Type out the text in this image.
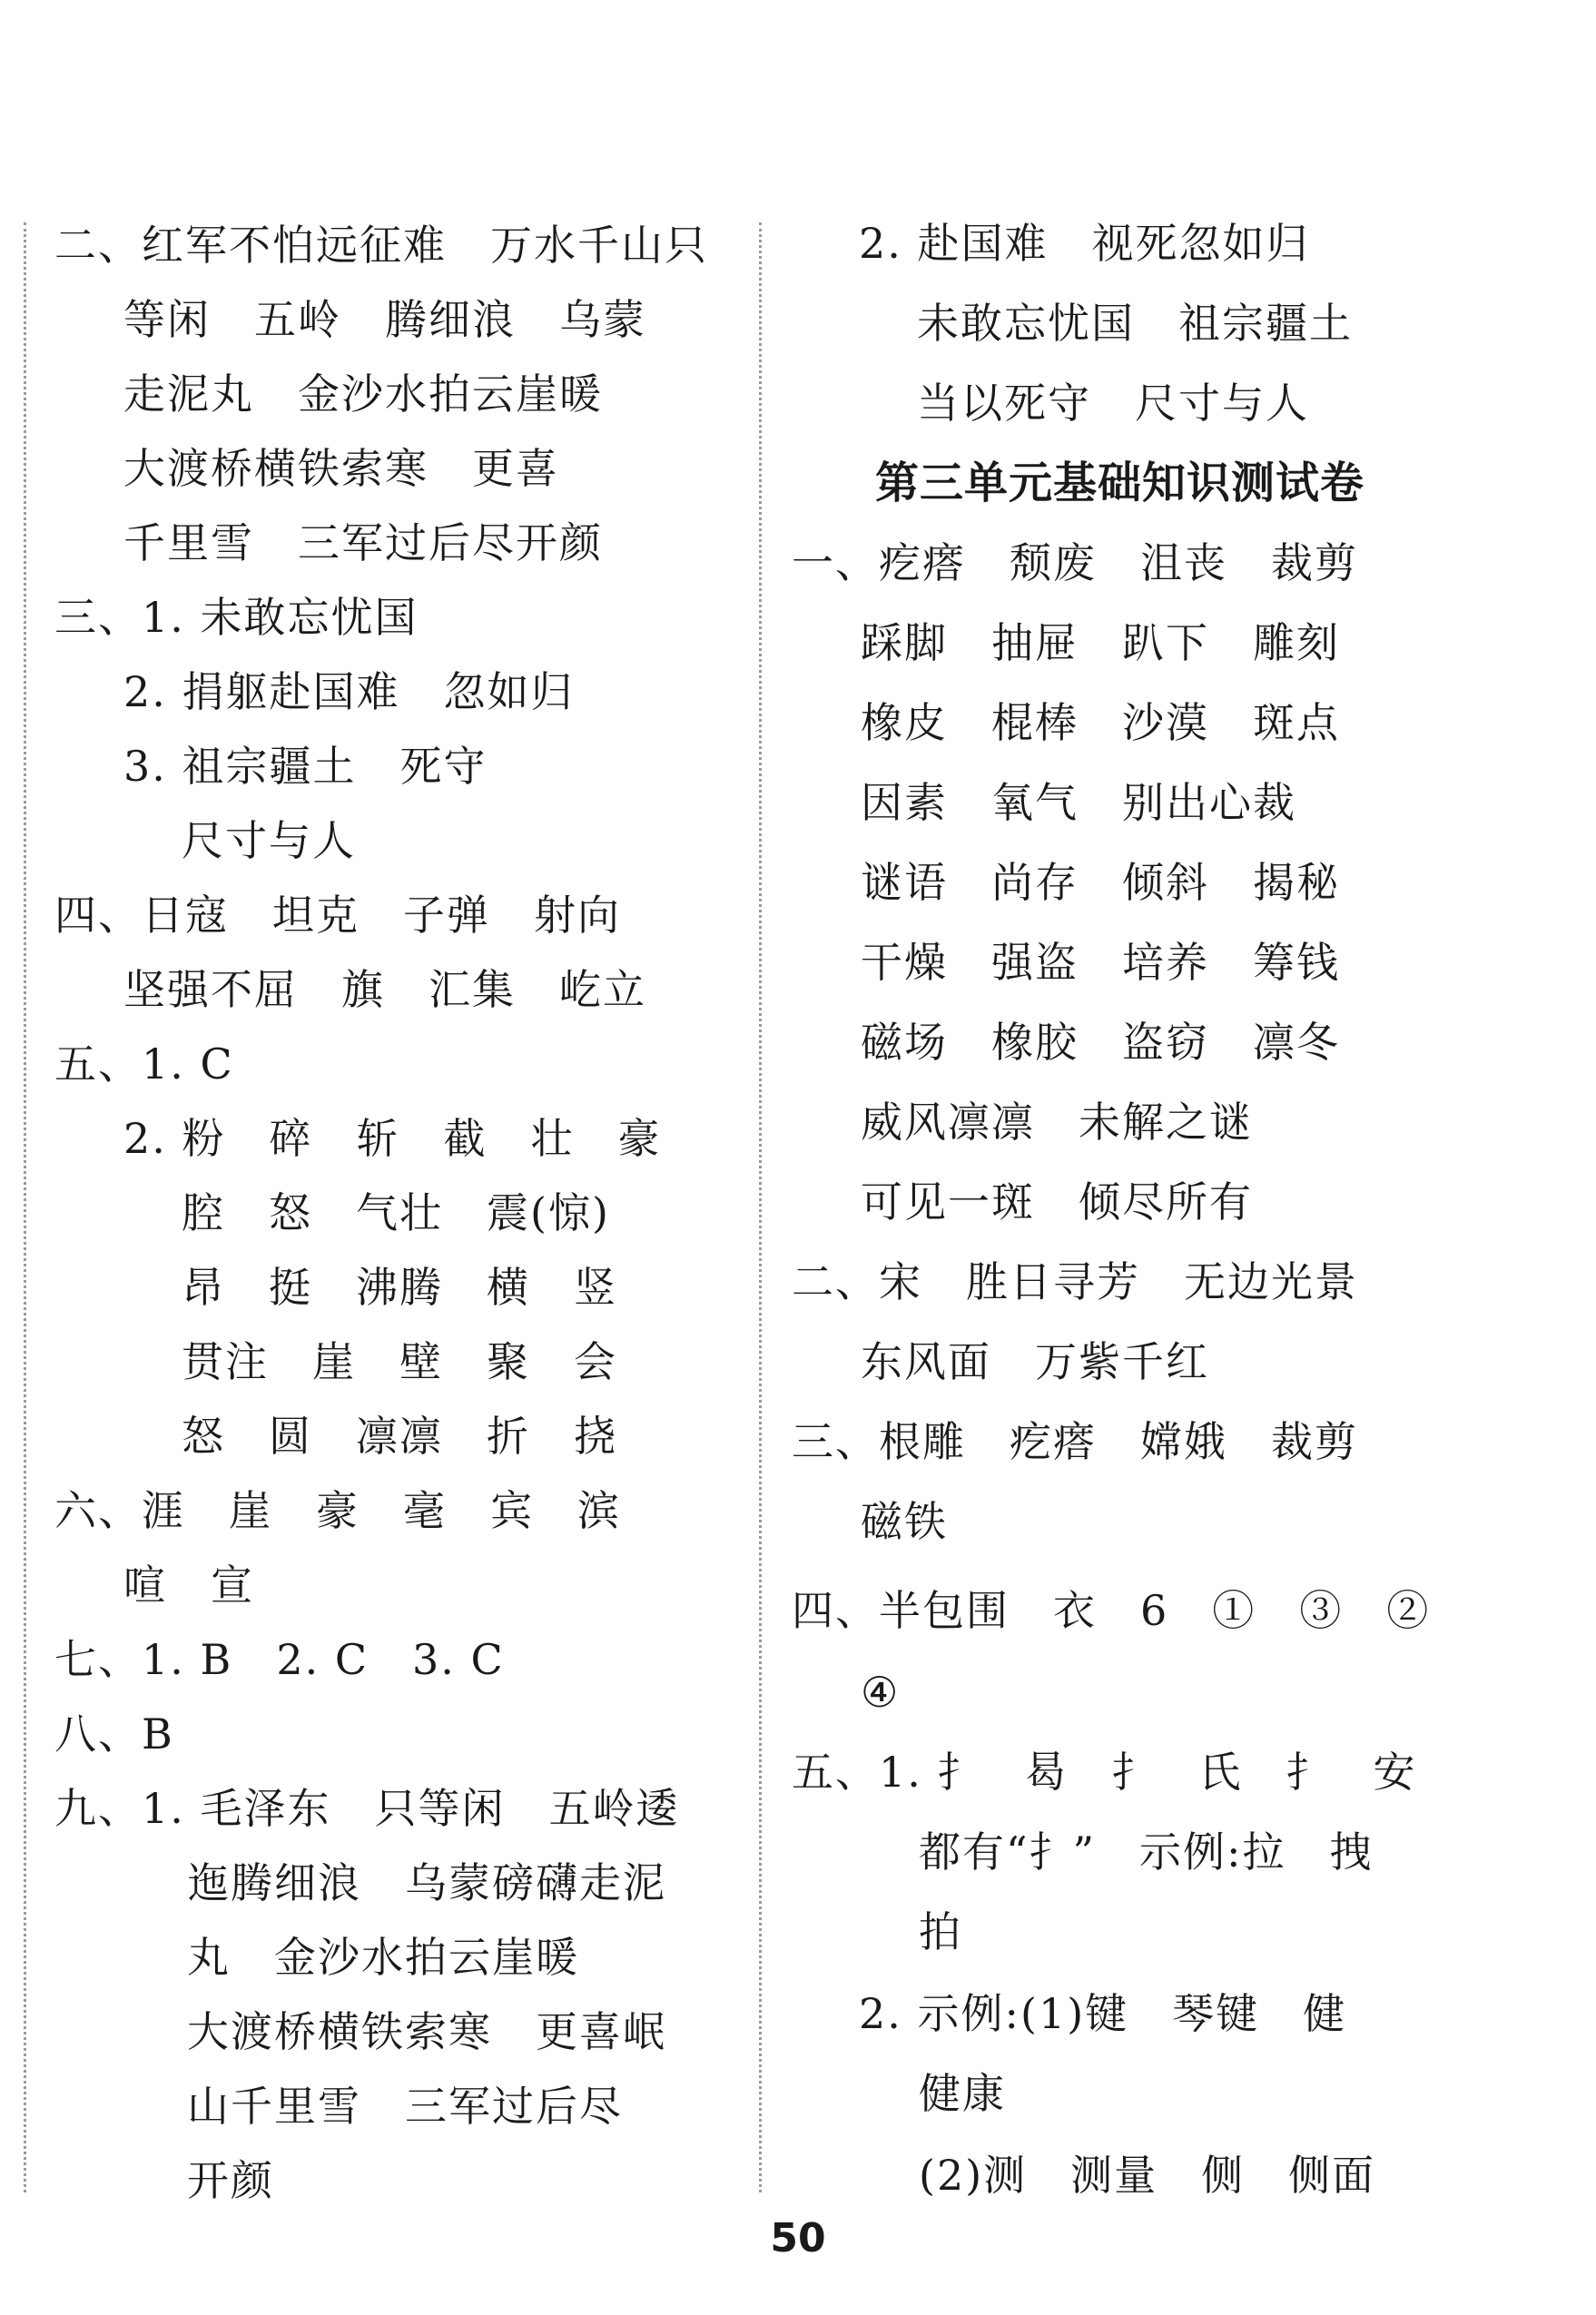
二、红军不怕远征难　万水千山只
等闲　五岭　腾细浪　乌蒙
走泥丸　金沙水拍云崖暖
大渡桥横铁索寒　更喜
千里雪　三军过后尽开颜
三、1. 未敢忘忧国
2. 捐躯赴国难　忽如归
3. 祖宗疆土　死守
尺寸与人
四、日寇　坦克　子弹　射向
坚强不屈　旗　汇集　屹立
五、1. C
2. 粉　碎　斩　截　壮　豪
腔　怒　气壮　震(惊)
昂　挺　沸腾　横　竖
贯注　崖　壁　聚　会
怒　圆　凛凛　折　挠
六、涯　崖　豪　毫　宾　滨
喧　宣
七、1. B　2. C　3. C
八、B
九、1. 毛泽东　只等闲　五岭逶
迤腾细浪　乌蒙磅礴走泥
丸　金沙水拍云崖暖
大渡桥横铁索寒　更喜岷
山千里雪　三军过后尽
开颜
2. 赴国难　视死忽如归
未敢忘忧国　祖宗疆土
当以死守　尺寸与人
第三单元基础知识测试卷
一、疙瘩　颓废　沮丧　裁剪
踩脚　抽屉　趴下　雕刻
橡皮　棍棒　沙漠　斑点
因素　氧气　别出心裁
谜语　尚存　倾斜　揭秘
干燥　强盗　培养　筹钱
磁场　橡胶　盗窃　凛冬
威风凛凛　未解之谜
可见一斑　倾尽所有
二、宋　胜日寻芳　无边光景
东风面　万紫千红
三、根雕　疙瘩　嫦娥　裁剪
磁铁
四、半包围　衣　6　①　③　②
④
五、1. 扌　曷　扌　氏　扌　安
都有“扌”　示例:拉　拽
拍
2. 示例:(1)键　琴键　健
健康
(2)测　测量　侧　侧面
50
